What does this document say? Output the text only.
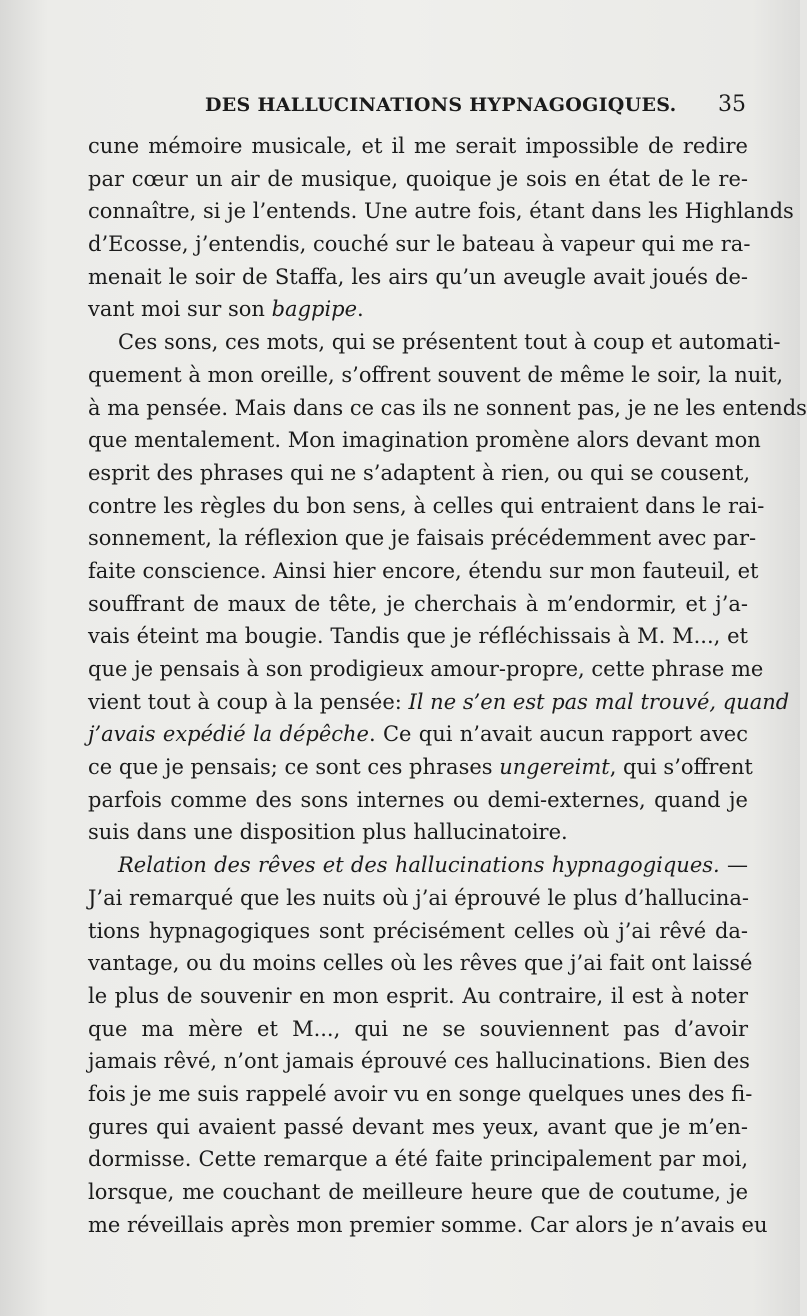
DES HALLUCINATIONS HYPNAGOGIQUES. 35
cune mémoire musicale, et il me serait impossible de redire
par cœur un air de musique, quoique je sois en état de le re-
connaître, si je l’entends. Une autre fois, étant dans les Highlands
d’Ecosse, j’entendis, couché sur le bateau à vapeur qui me ra-
menait le soir de Staffa, les airs qu’un aveugle avait joués de-
vant moi sur son bagpipe.
Ces sons, ces mots, qui se présentent tout à coup et automati-
quement à mon oreille, s’offrent souvent de même le soir, la nuit,
à ma pensée. Mais dans ce cas ils ne sonnent pas, je ne les entends
que mentalement. Mon imagination promène alors devant mon
esprit des phrases qui ne s’adaptent à rien, ou qui se cousent,
contre les règles du bon sens, à celles qui entraient dans le rai-
sonnement, la réflexion que je faisais précédemment avec par-
faite conscience. Ainsi hier encore, étendu sur mon fauteuil, et
souffrant de maux de tête, je cherchais à m’endormir, et j’a-
vais éteint ma bougie. Tandis que je réfléchissais à M. M..., et
que je pensais à son prodigieux amour-propre, cette phrase me
vient tout à coup à la pensée: Il ne s’en est pas mal trouvé, quand
j’avais expédié la dépêche. Ce qui n’avait aucun rapport avec
ce que je pensais; ce sont ces phrases ungereimt, qui s’offrent
parfois comme des sons internes ou demi-externes, quand je
suis dans une disposition plus hallucinatoire.
Relation des rêves et des hallucinations hypnagogiques. —
J’ai remarqué que les nuits où j’ai éprouvé le plus d’hallucina-
tions hypnagogiques sont précisément celles où j’ai rêvé da-
vantage, ou du moins celles où les rêves que j’ai fait ont laissé
le plus de souvenir en mon esprit. Au contraire, il est à noter
que ma mère et M..., qui ne se souviennent pas d’avoir
jamais rêvé, n’ont jamais éprouvé ces hallucinations. Bien des
fois je me suis rappelé avoir vu en songe quelques unes des fi-
gures qui avaient passé devant mes yeux, avant que je m’en-
dormisse. Cette remarque a été faite principalement par moi,
lorsque, me couchant de meilleure heure que de coutume, je
me réveillais après mon premier somme. Car alors je n’avais eu
